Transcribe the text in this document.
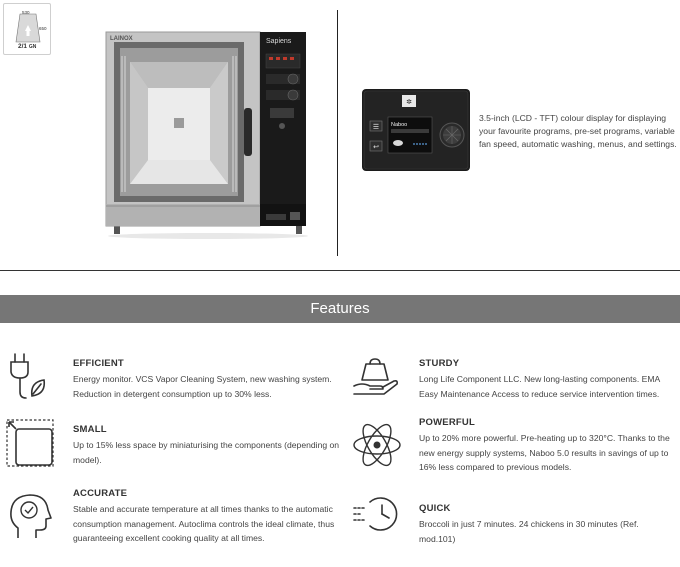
530
650
2/1 GN
LAINOX	Sapiens
✲
☰
↩
Naboo
3.5-inch (LCD - TFT) colour display for displaying your favourite programs, pre-set programs, variable fan speed, automatic washing, menus, and settings.
Features
EFFICIENT
Energy monitor. VCS Vapor Cleaning System, new washing system. Reduction in detergent consumption up to 30% less.
SMALL
Up to 15% less space by miniaturising the components (depending on model).
ACCURATE
Stable and accurate temperature at all times thanks to the automatic consumption management. Autoclima controls the ideal climate, thus guaranteeing excellent cooking quality at all times.
STURDY
Long Life Component LLC. New long-lasting components. EMA Easy Maintenance Access to reduce service intervention times.
POWERFUL
Up to 20% more powerful. Pre-heating up to 320°C. Thanks to the new energy supply systems, Naboo 5.0 results in savings of up to 16% less compared to previous models.
QUICK
Broccoli in just 7 minutes. 24 chickens in 30 minutes (Ref. mod.101)
